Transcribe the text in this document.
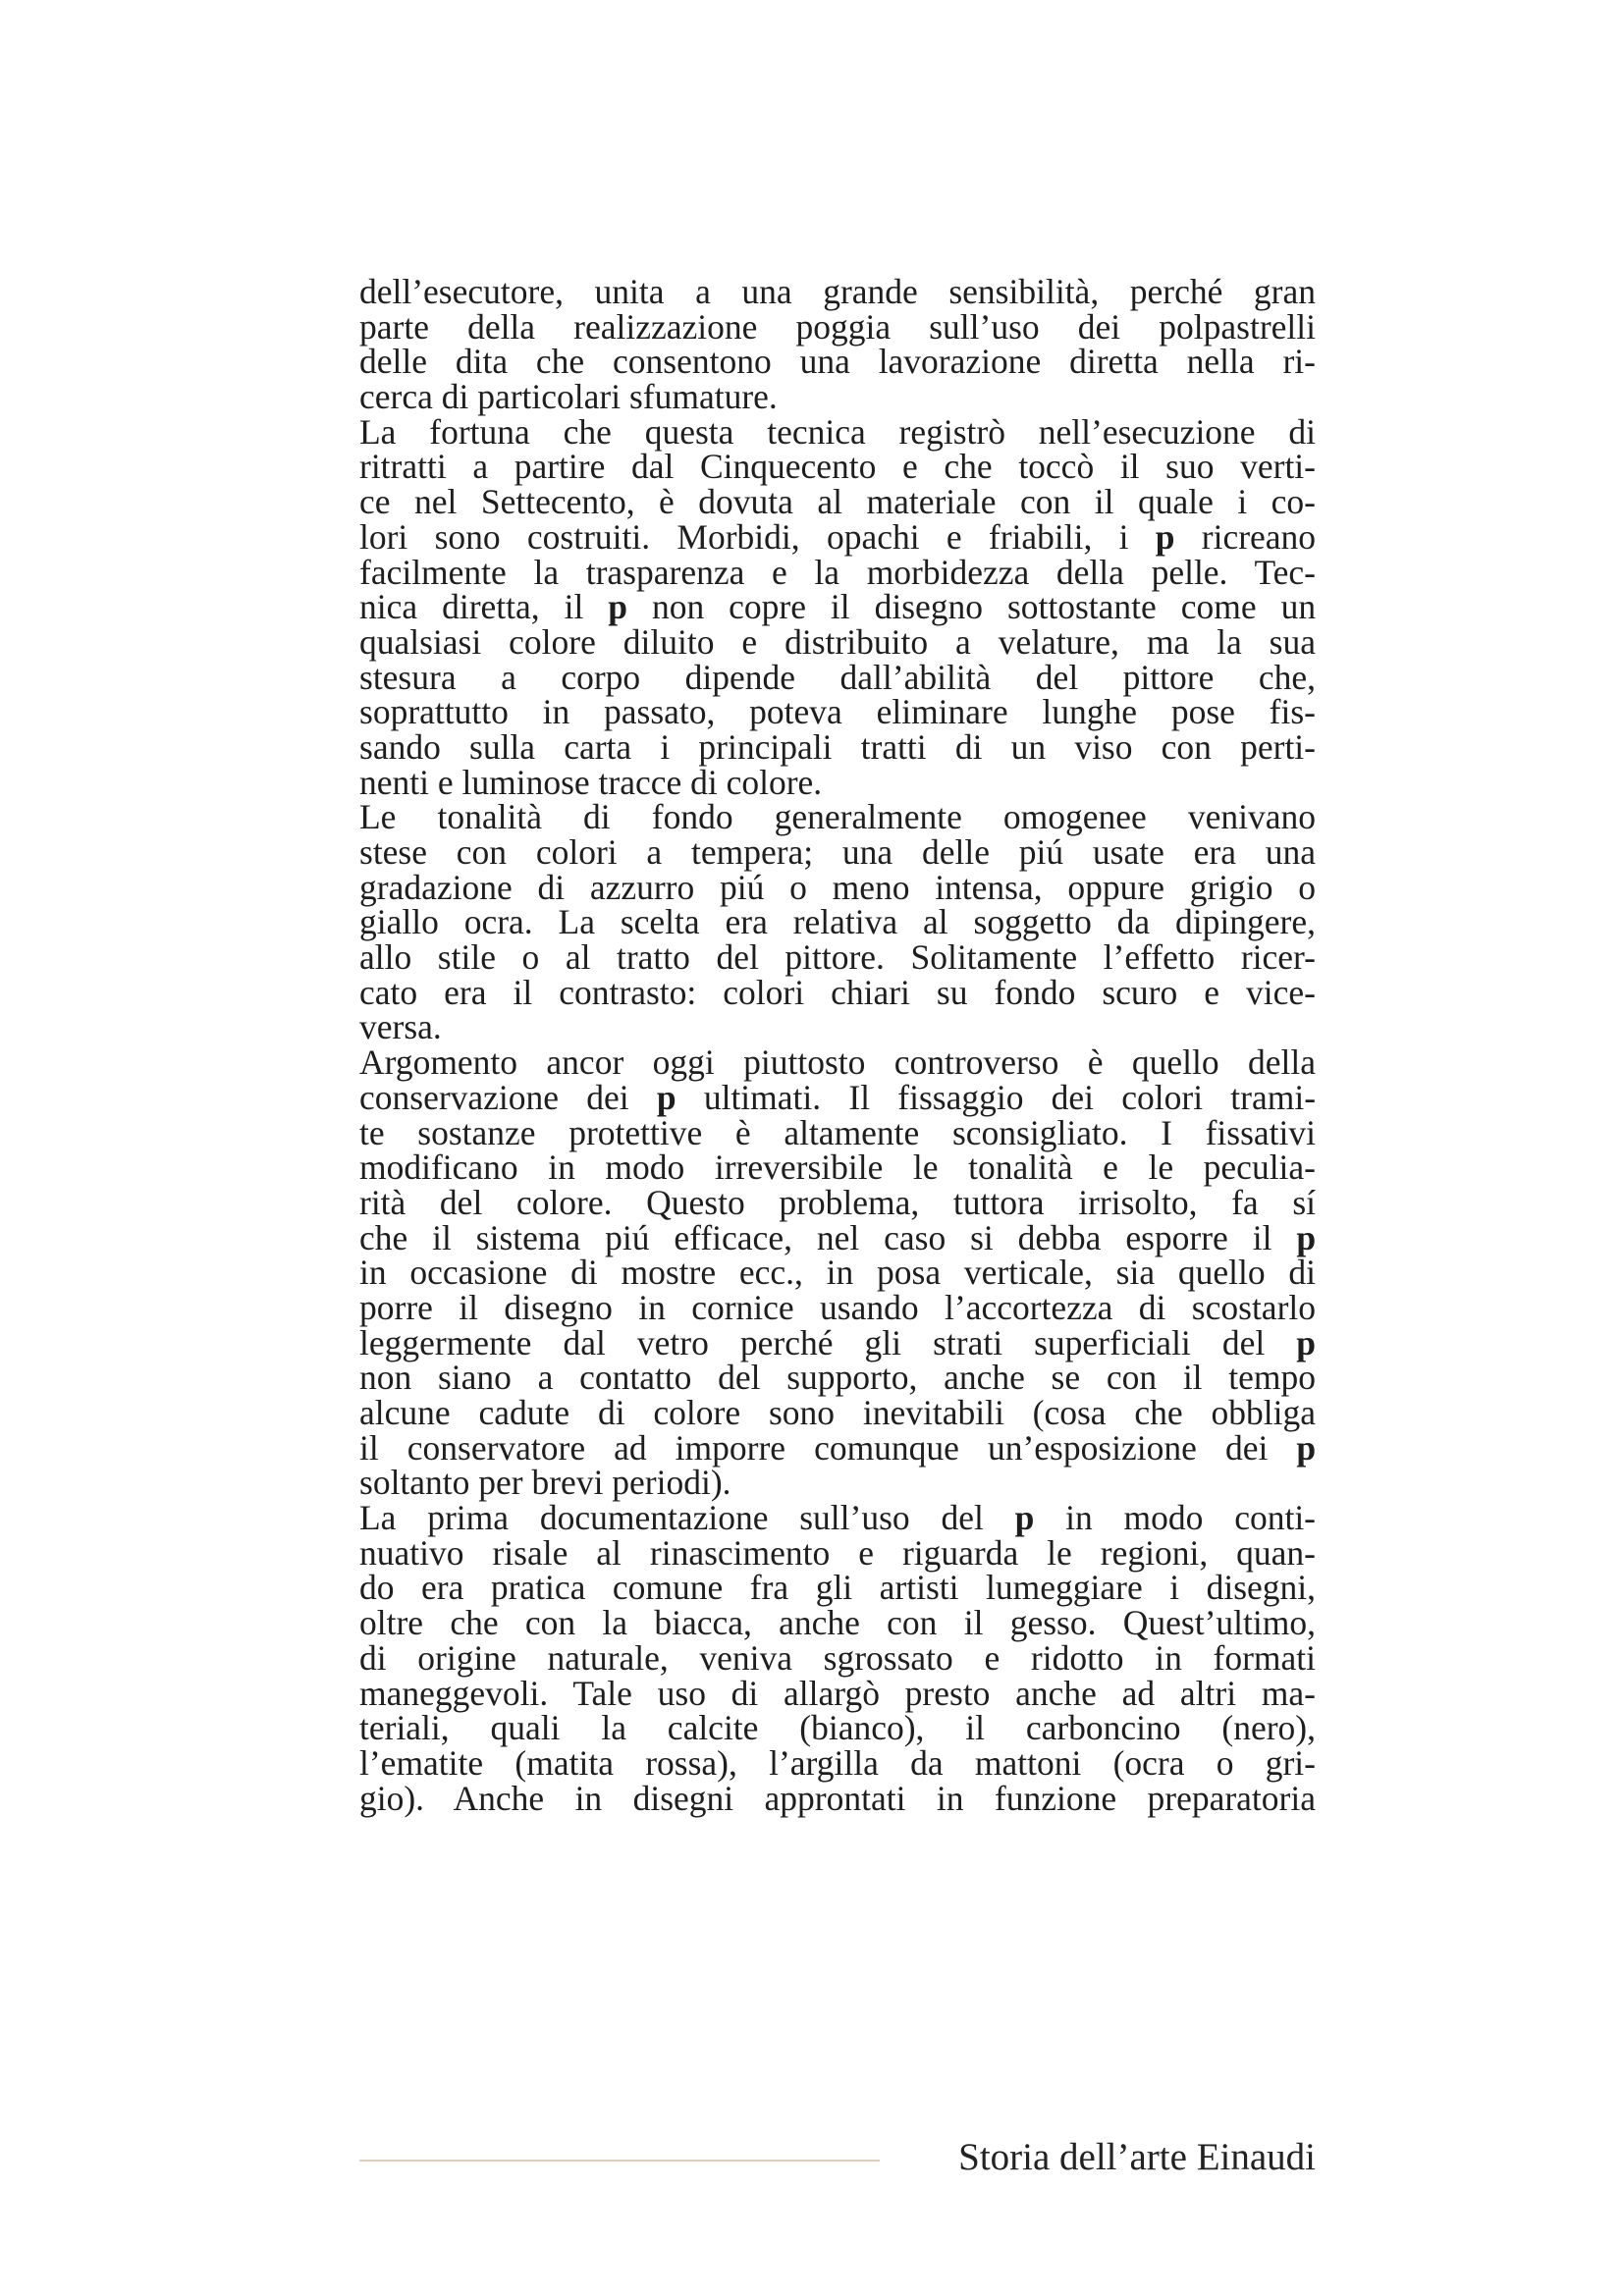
dell’esecutore, unita a una grande sensibilità, perché gran
parte della realizzazione poggia sull’uso dei polpastrelli
delle dita che consentono una lavorazione diretta nella ri-
cerca di particolari sfumature.
La fortuna che questa tecnica registrò nell’esecuzione di
ritratti a partire dal Cinquecento e che toccò il suo verti-
ce nel Settecento, è dovuta al materiale con il quale i co-
lori sono costruiti. Morbidi, opachi e friabili, i p ricreano
facilmente la trasparenza e la morbidezza della pelle. Tec-
nica diretta, il p non copre il disegno sottostante come un
qualsiasi colore diluito e distribuito a velature, ma la sua
stesura a corpo dipende dall’abilità del pittore che,
soprattutto in passato, poteva eliminare lunghe pose fis-
sando sulla carta i principali tratti di un viso con perti-
nenti e luminose tracce di colore.
Le tonalità di fondo generalmente omogenee venivano
stese con colori a tempera; una delle piú usate era una
gradazione di azzurro piú o meno intensa, oppure grigio o
giallo ocra. La scelta era relativa al soggetto da dipingere,
allo stile o al tratto del pittore. Solitamente l’effetto ricer-
cato era il contrasto: colori chiari su fondo scuro e vice-
versa.
Argomento ancor oggi piuttosto controverso è quello della
conservazione dei p ultimati. Il fissaggio dei colori trami-
te sostanze protettive è altamente sconsigliato. I fissativi
modificano in modo irreversibile le tonalità e le peculia-
rità del colore. Questo problema, tuttora irrisolto, fa sí
che il sistema piú efficace, nel caso si debba esporre il p
in occasione di mostre ecc., in posa verticale, sia quello di
porre il disegno in cornice usando l’accortezza di scostarlo
leggermente dal vetro perché gli strati superficiali del p
non siano a contatto del supporto, anche se con il tempo
alcune cadute di colore sono inevitabili (cosa che obbliga
il conservatore ad imporre comunque un’esposizione dei p
soltanto per brevi periodi).
La prima documentazione sull’uso del p in modo conti-
nuativo risale al rinascimento e riguarda le regioni, quan-
do era pratica comune fra gli artisti lumeggiare i disegni,
oltre che con la biacca, anche con il gesso. Quest’ultimo,
di origine naturale, veniva sgrossato e ridotto in formati
maneggevoli. Tale uso di allargò presto anche ad altri ma-
teriali, quali la calcite (bianco), il carboncino (nero),
l’ematite (matita rossa), l’argilla da mattoni (ocra o gri-
gio). Anche in disegni approntati in funzione preparatoria
Storia dell’arte Einaudi
